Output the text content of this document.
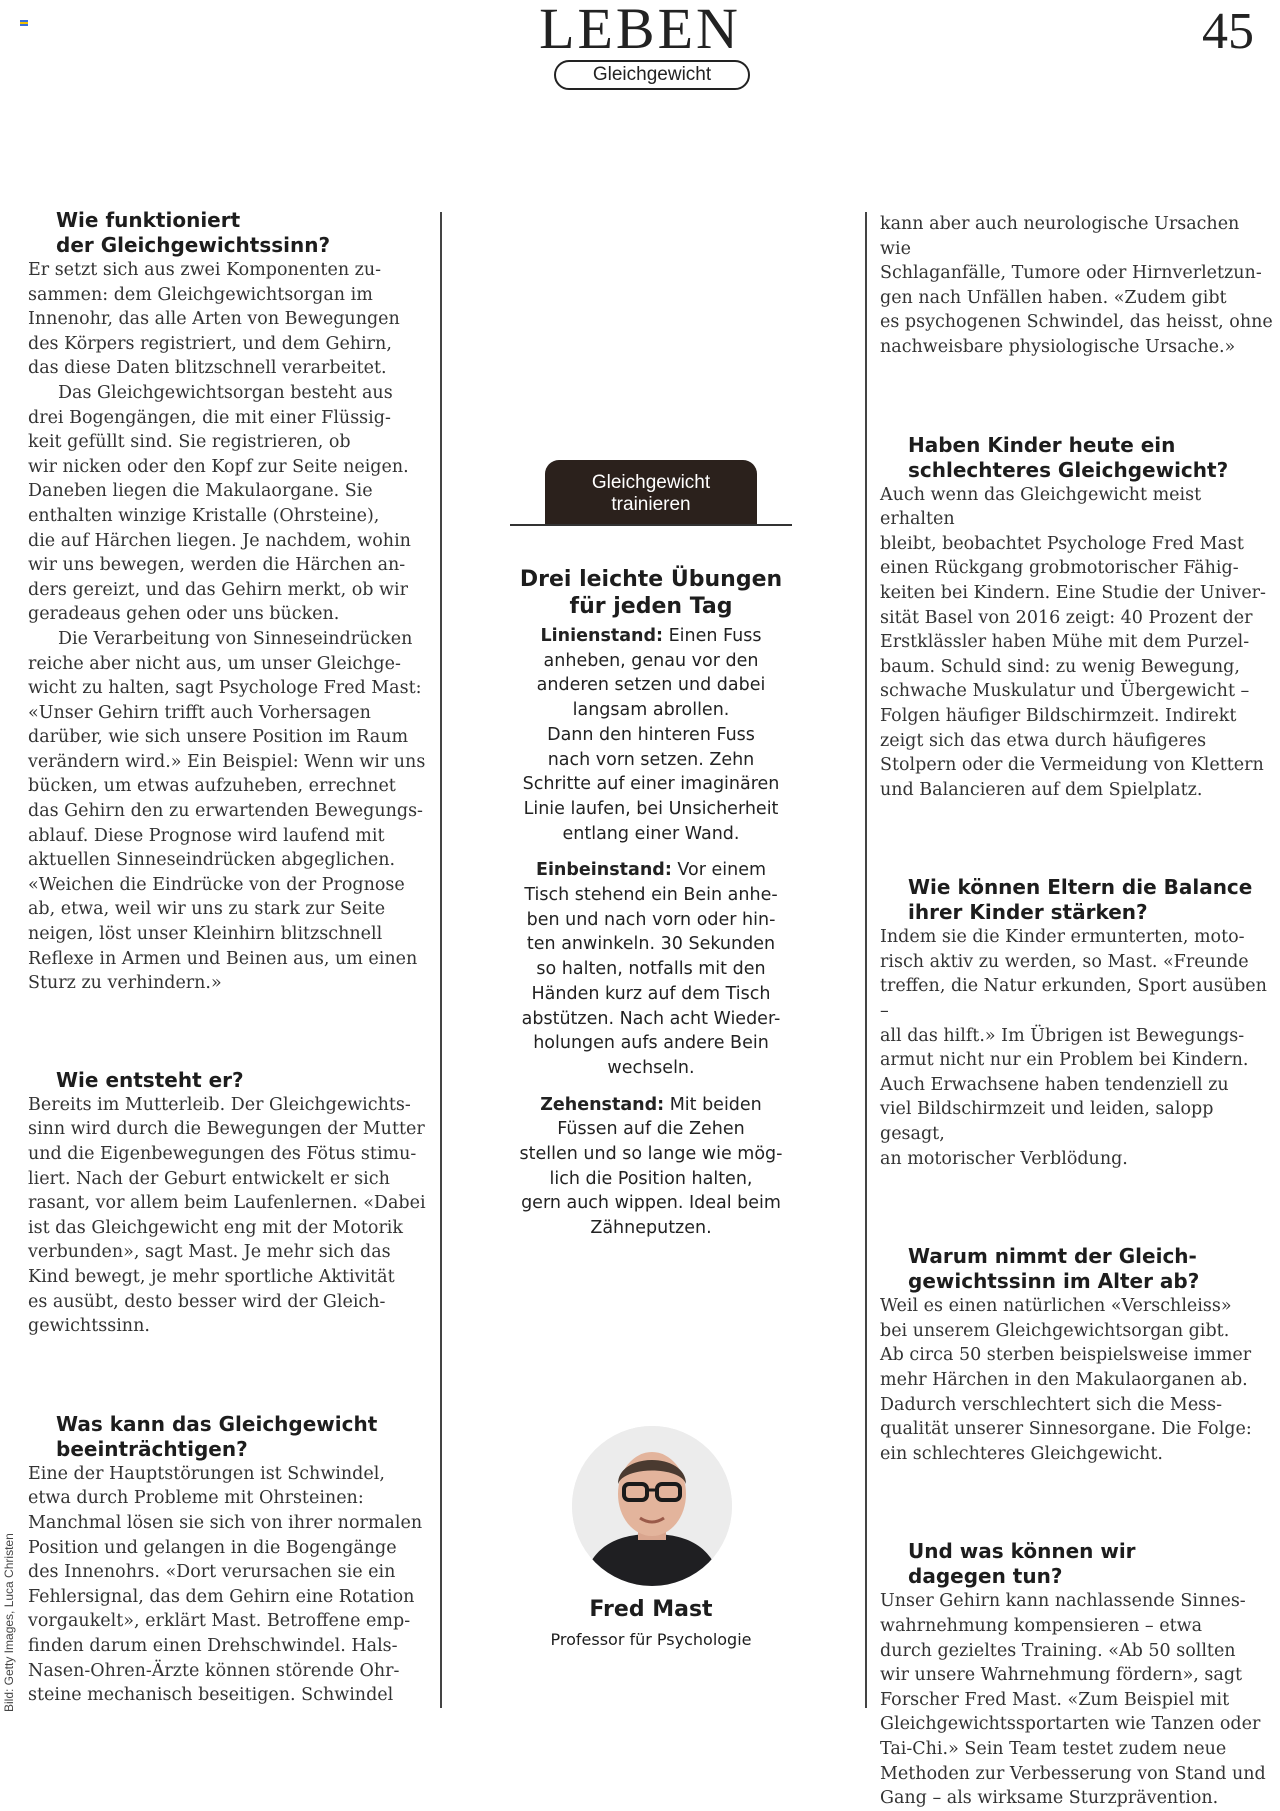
LEBEN	45
Gleichgewicht
Wie funktioniert
der Gleichgewichtssinn?

Er setzt sich aus zwei Komponenten zu-
sammen: dem Gleichgewichtsorgan im
Innenohr, das alle Arten von Bewegungen
des Körpers registriert, und dem Gehirn,
das diese Daten blitzschnell verarbeitet.

Das Gleichgewichtsorgan besteht aus
drei Bogengängen, die mit einer Flüssig-
keit gefüllt sind. Sie registrieren, ob
wir nicken oder den Kopf zur Seite neigen.
Daneben liegen die Makulaorgane. Sie
enthalten winzige Kristalle (Ohrsteine),
die auf Härchen liegen. Je nachdem, wohin
wir uns bewegen, werden die Härchen an-
ders gereizt, und das Gehirn merkt, ob wir
geradeaus gehen oder uns bücken.

Die Verarbeitung von Sinneseindrücken
reiche aber nicht aus, um unser Gleichge-
wicht zu halten, sagt Psychologe Fred Mast:
«Unser Gehirn trifft auch Vorhersagen
darüber, wie sich unsere Position im Raum
verändern wird.» Ein Beispiel: Wenn wir uns
bücken, um etwas aufzuheben, errechnet
das Gehirn den zu erwartenden Bewegungs-
ablauf. Diese Prognose wird laufend mit
aktuellen Sinneseindrücken abgeglichen.
«Weichen die Eindrücke von der Prognose
ab, etwa, weil wir uns zu stark zur Seite
neigen, löst unser Kleinhirn blitzschnell
Reflexe in Armen und Beinen aus, um einen
Sturz zu verhindern.»

Wie entsteht er?

Bereits im Mutterleib. Der Gleichgewichts-
sinn wird durch die Bewegungen der Mutter
und die Eigenbewegungen des Fötus stimu-
liert. Nach der Geburt entwickelt er sich
rasant, vor allem beim Laufenlernen. «Dabei
ist das Gleichgewicht eng mit der Motorik
verbunden», sagt Mast. Je mehr sich das
Kind bewegt, je mehr sportliche Aktivität
es ausübt, desto besser wird der Gleich-
gewichtssinn.

Was kann das Gleichgewicht
beeinträchtigen?

Eine der Hauptstörungen ist Schwindel,
etwa durch Probleme mit Ohrsteinen:
Manchmal lösen sie sich von ihrer normalen
Position und gelangen in die Bogengänge
des Innenohrs. «Dort verursachen sie ein
Fehlersignal, das dem Gehirn eine Rotation
vorgaukelt», erklärt Mast. Betroffene emp-
finden darum einen Drehschwindel. Hals-
Nasen-Ohren-Ärzte können störende Ohr-
steine mechanisch beseitigen. Schwindel

Gleichgewicht
trainieren
Drei leichte Übungen
für jeden Tag

Linienstand: Einen Fuss
anheben, genau vor den
anderen setzen und dabei
langsam abrollen.
Dann den hinteren Fuss
nach vorn setzen. Zehn
Schritte auf einer imaginären
Linie laufen, bei Unsicherheit
entlang einer Wand.

Einbeinstand: Vor einem
Tisch stehend ein Bein anhe-
ben und nach vorn oder hin-
ten anwinkeln. 30 Sekunden
so halten, notfalls mit den
Händen kurz auf dem Tisch
abstützen. Nach acht Wieder-
holungen aufs andere Bein
wechseln.

Zehenstand: Mit beiden
Füssen auf die Zehen
stellen und so lange wie mög-
lich die Position halten,
gern auch wippen. Ideal beim
Zähneputzen.

Fred Mast
Professor für Psychologie

kann aber auch neurologische Ursachen wie
Schlaganfälle, Tumore oder Hirnverletzun-
gen nach Unfällen haben. «Zudem gibt
es psychogenen Schwindel, das heisst, ohne
nachweisbare physiologische Ursache.»

Haben Kinder heute ein
schlechteres Gleichgewicht?

Auch wenn das Gleichgewicht meist erhalten
bleibt, beobachtet Psychologe Fred Mast
einen Rückgang grobmotorischer Fähig-
keiten bei Kindern. Eine Studie der Univer-
sität Basel von 2016 zeigt: 40 Prozent der
Erstklässler haben Mühe mit dem Purzel-
baum. Schuld sind: zu wenig Bewegung,
schwache Muskulatur und Übergewicht –
Folgen häufiger Bildschirmzeit. Indirekt
zeigt sich das etwa durch häufigeres
Stolpern oder die Vermeidung von Klettern
und Balancieren auf dem Spielplatz.

Wie können Eltern die Balance
ihrer Kinder stärken?

Indem sie die Kinder ermunterten, moto-
risch aktiv zu werden, so Mast. «Freunde
treffen, die Natur erkunden, Sport ausüben –
all das hilft.» Im Übrigen ist Bewegungs-
armut nicht nur ein Problem bei Kindern.
Auch Erwachsene haben tendenziell zu
viel Bildschirmzeit und leiden, salopp gesagt,
an motorischer Verblödung.

Warum nimmt der Gleich-
gewichtssinn im Alter ab?

Weil es einen natürlichen «Verschleiss»
bei unserem Gleichgewichtsorgan gibt.
Ab circa 50 sterben beispielsweise immer
mehr Härchen in den Makulaorganen ab.
Dadurch verschlechtert sich die Mess-
qualität unserer Sinnesorgane. Die Folge:
ein schlechteres Gleichgewicht.

Und was können wir
dagegen tun?

Unser Gehirn kann nachlassende Sinnes-
wahrnehmung kompensieren – etwa
durch gezieltes Training. «Ab 50 sollten
wir unsere Wahrnehmung fördern», sagt
Forscher Fred Mast. «Zum Beispiel mit
Gleichgewichtssportarten wie Tanzen oder
Tai-Chi.» Sein Team testet zudem neue
Methoden zur Verbesserung von Stand und
Gang – als wirksame Sturzprävention.

Bild: Getty Images, Luca Christen
